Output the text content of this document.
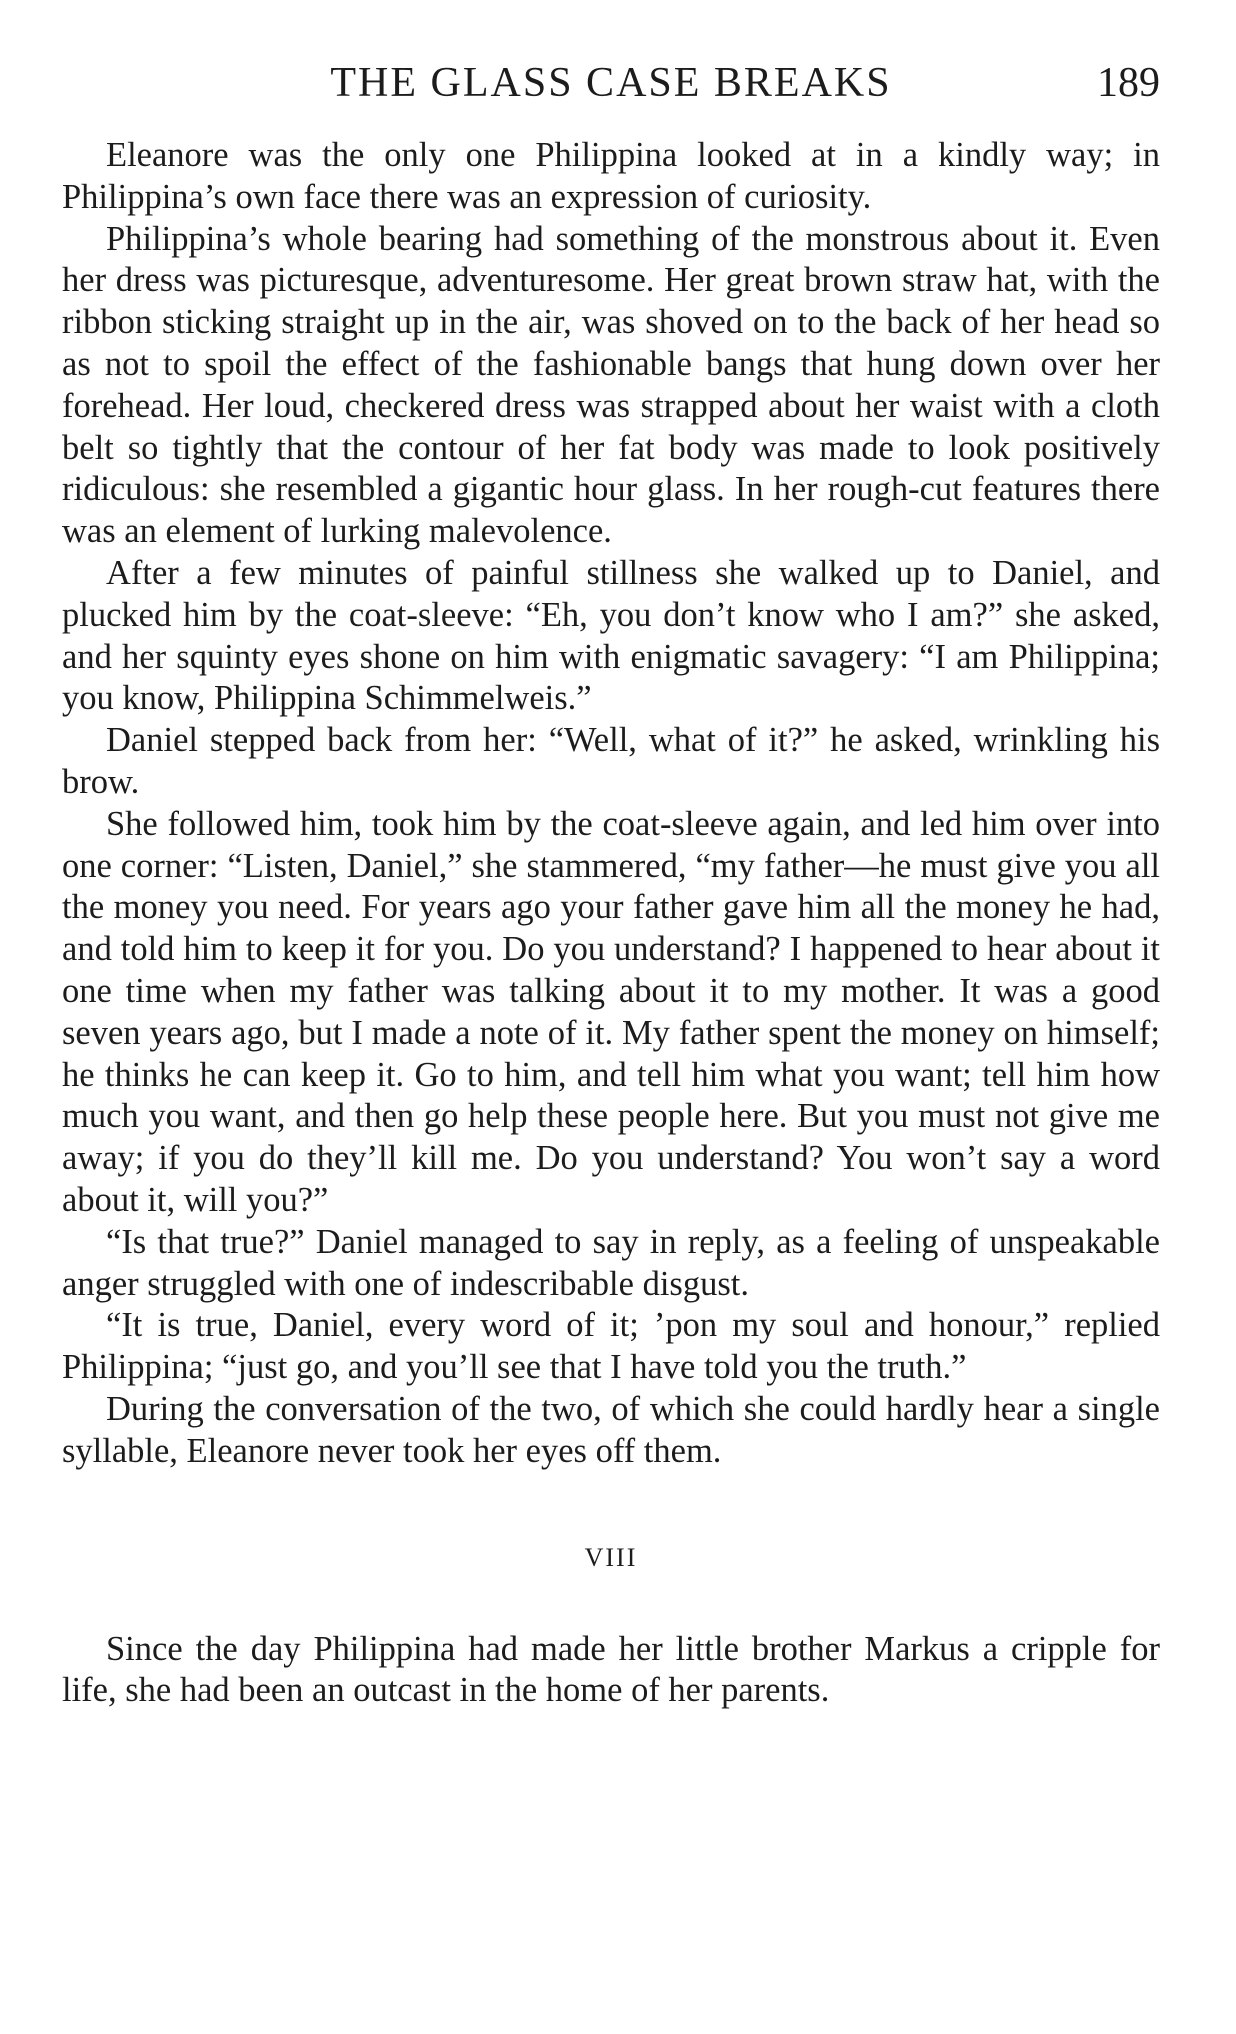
THE GLASS CASE BREAKS	189

Eleanore was the only one Philippina looked at in a kindly way; in Philippina’s own face there was an expression of curiosity.

Philippina’s whole bearing had something of the monstrous about it. Even her dress was picturesque, adventuresome. Her great brown straw hat, with the ribbon sticking straight up in the air, was shoved on to the back of her head so as not to spoil the effect of the fashionable bangs that hung down over her forehead. Her loud, checkered dress was strapped about her waist with a cloth belt so tightly that the contour of her fat body was made to look positively ridiculous: she resembled a gigantic hour glass. In her rough-cut features there was an element of lurking malevolence.

After a few minutes of painful stillness she walked up to Daniel, and plucked him by the coat-sleeve: “Eh, you don’t know who I am?” she asked, and her squinty eyes shone on him with enigmatic savagery: “I am Philippina; you know, Philippina Schimmelweis.”

Daniel stepped back from her: “Well, what of it?” he asked, wrinkling his brow.

She followed him, took him by the coat-sleeve again, and led him over into one corner: “Listen, Daniel,” she stammered, “my father—he must give you all the money you need. For years ago your father gave him all the money he had, and told him to keep it for you. Do you understand? I happened to hear about it one time when my father was talking about it to my mother. It was a good seven years ago, but I made a note of it. My father spent the money on himself; he thinks he can keep it. Go to him, and tell him what you want; tell him how much you want, and then go help these people here. But you must not give me away; if you do they’ll kill me. Do you understand? You won’t say a word about it, will you?”

“Is that true?” Daniel managed to say in reply, as a feeling of unspeakable anger struggled with one of indescribable disgust.

“It is true, Daniel, every word of it; ’pon my soul and honour,” replied Philippina; “just go, and you’ll see that I have told you the truth.”

During the conversation of the two, of which she could hardly hear a single syllable, Eleanore never took her eyes off them.

VIII

Since the day Philippina had made her little brother Markus a cripple for life, she had been an outcast in the home of her parents.
